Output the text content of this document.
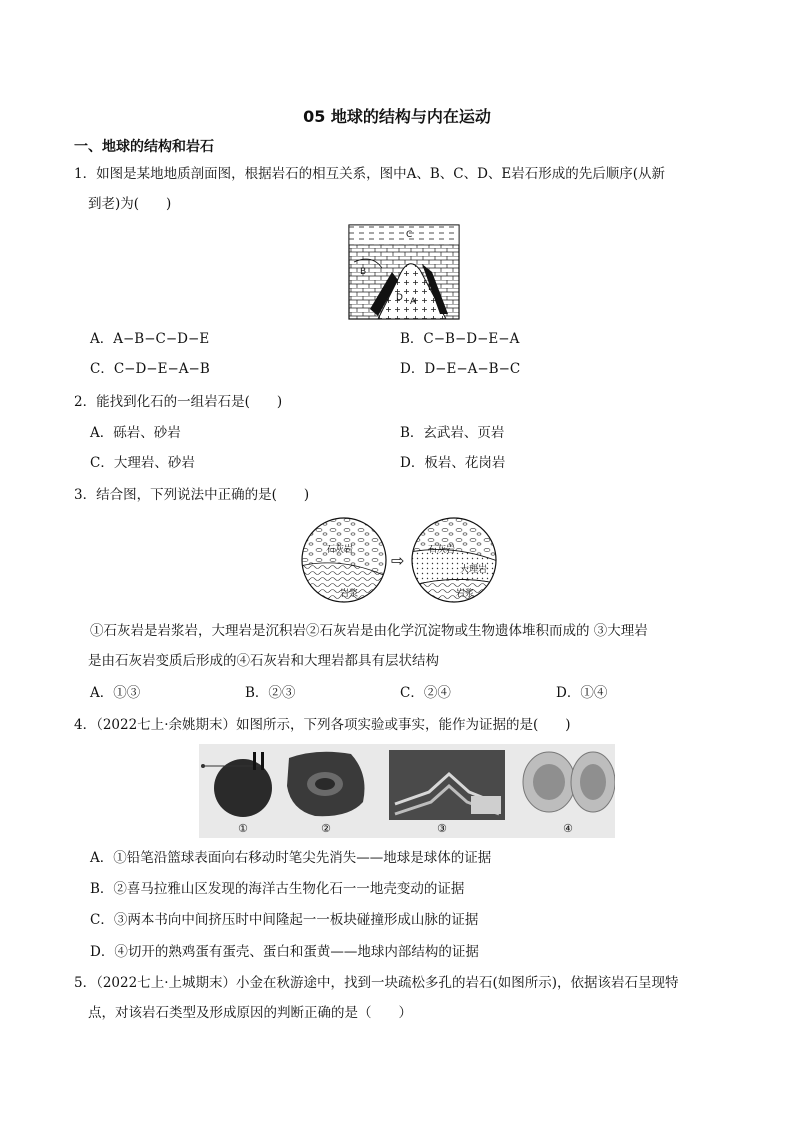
05 地球的结构与内在运动
一、地球的结构和岩石
1．如图是某地地质剖面图，根据岩石的相互关系，图中A、B、C、D、E岩石形成的先后顺序(从新
到老)为(　　)
C
B
D A
E
A．A−B−C−D−E	B．C−B−D−E−A
C．C−D−E−A−B	D．D−E−A−B−C
2．能找到化石的一组岩石是(　　)
A．砾岩、砂岩	B．玄武岩、页岩
C．大理岩、砂岩	D．板岩、花岗岩
3．结合图，下列说法中正确的是(　　)
石灰岩
岩浆
⇨
石灰岩
大理岩
岩浆
①石灰岩是岩浆岩，大理岩是沉积岩②石灰岩是由化学沉淀物或生物遗体堆积而成的 ③大理岩
是由石灰岩变质后形成的④石灰岩和大理岩都具有层状结构
A．①③	B．②③	C．②④	D．①④
4．（2022七上·余姚期末）如图所示，下列各项实验或事实，能作为证据的是(　　)
①	②	③	④
A．①铅笔沿篮球表面向右移动时笔尖先消失——地球是球体的证据
B．②喜马拉雅山区发现的海洋古生物化石一一地壳变动的证据
C．③两本书向中间挤压时中间隆起一一板块碰撞形成山脉的证据
D．④切开的熟鸡蛋有蛋壳、蛋白和蛋黄——地球内部结构的证据
5．（2022七上·上城期末）小金在秋游途中，找到一块疏松多孔的岩石(如图所示)，依据该岩石呈现特
点，对该岩石类型及形成原因的判断正确的是（　　）
